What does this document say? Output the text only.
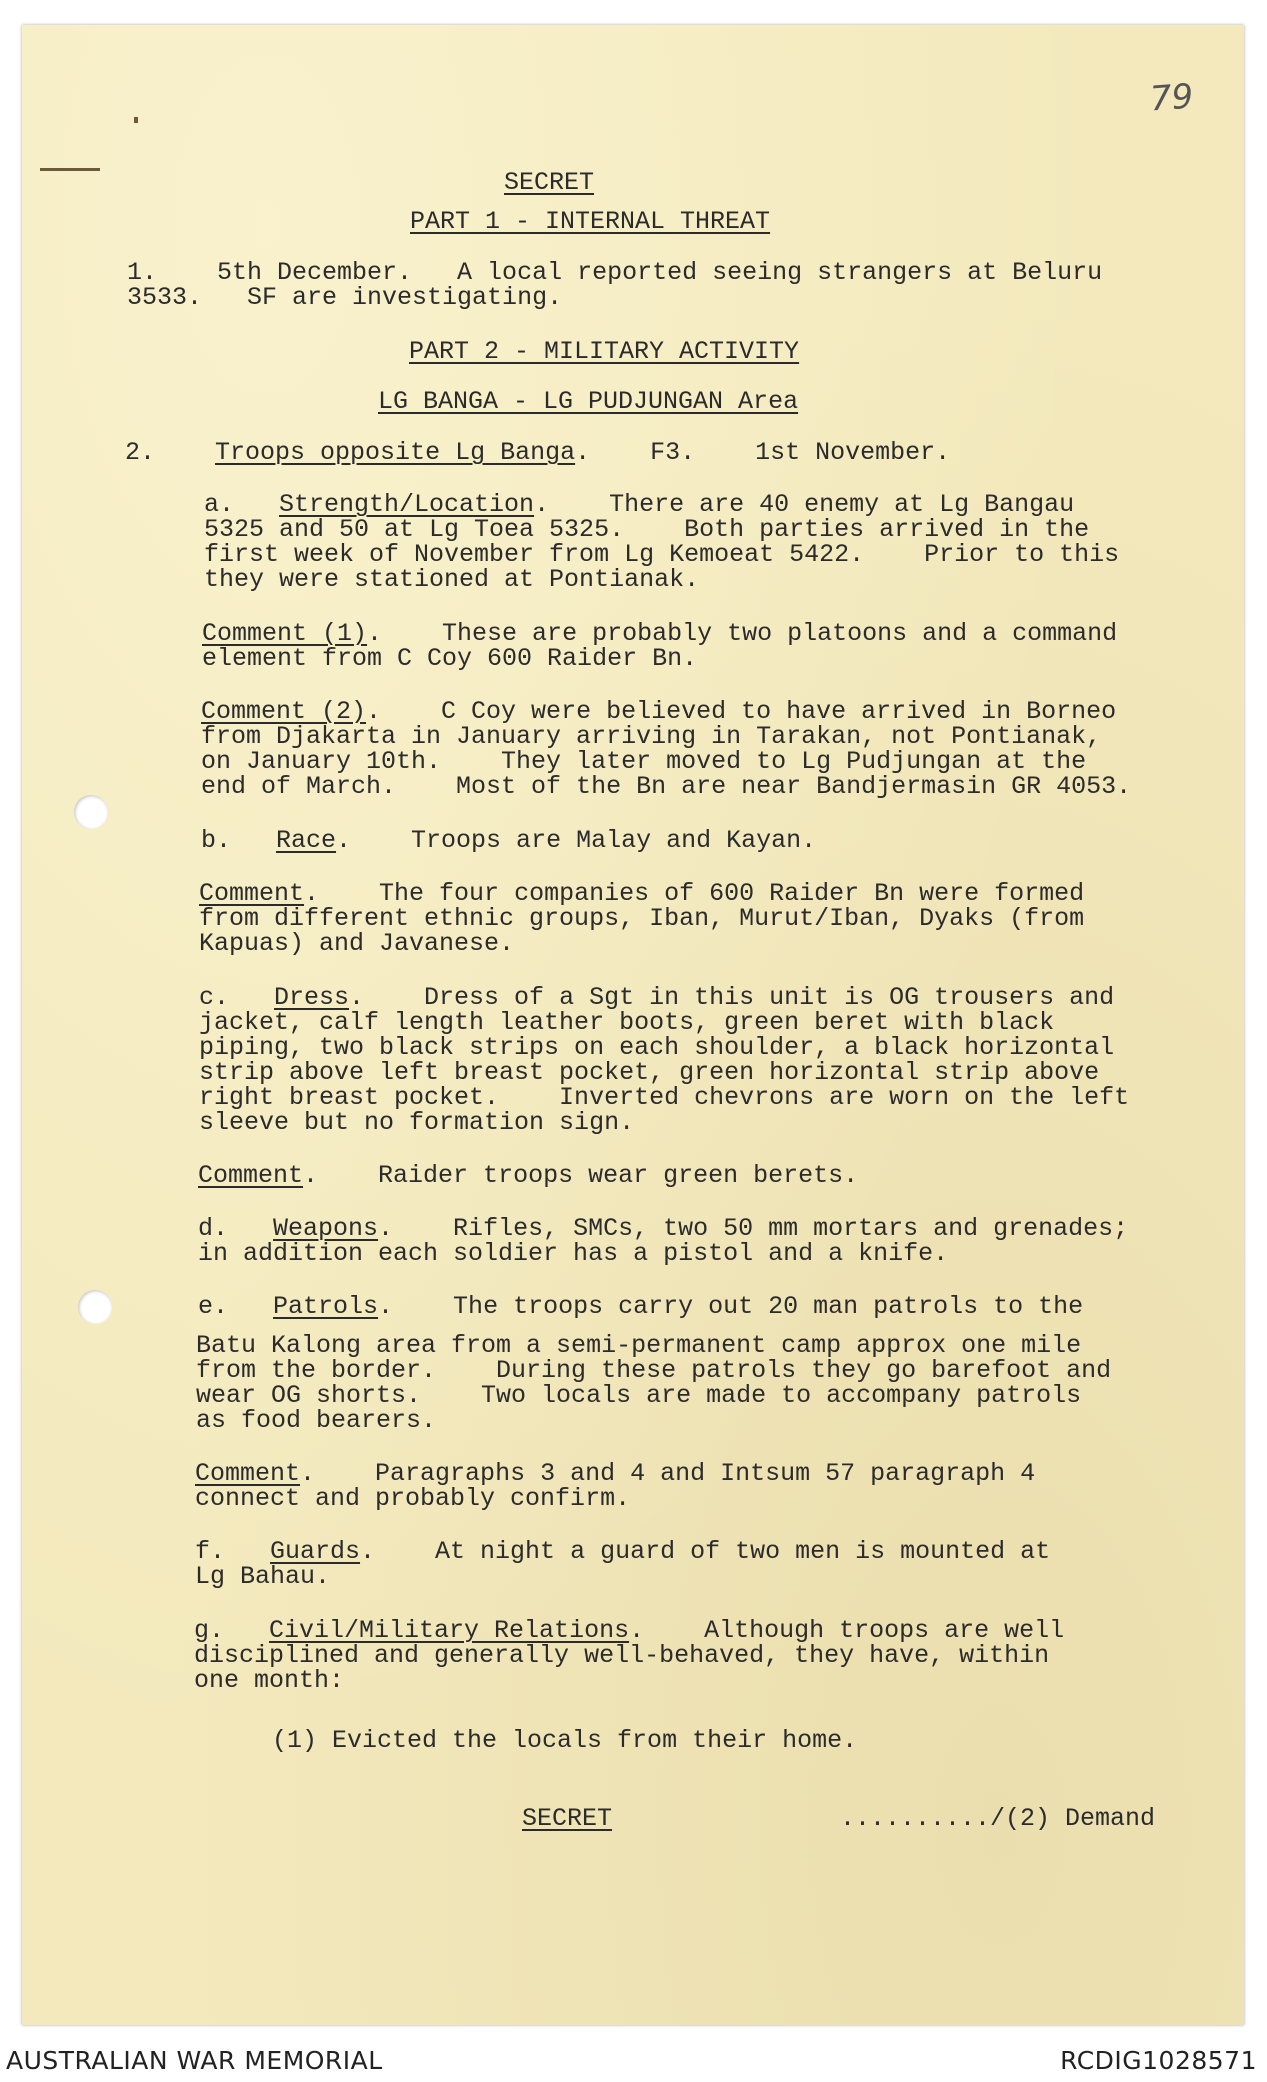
79

SECRET

PART 1 - INTERNAL THREAT

1.    5th December.   A local reported seeing strangers at Beluru

3533.   SF are investigating.

PART 2 - MILITARY ACTIVITY

LG BANGA - LG PUDJUNGAN Area

2. Troops opposite Lg Banga.    F3.    1st November.

a.   Strength/Location.    There are 40 enemy at Lg Bangau

5325 and 50 at Lg Toea 5325.    Both parties arrived in the

first week of November from Lg Kemoeat 5422.    Prior to this

they were stationed at Pontianak.

Comment (1).    These are probably two platoons and a command

element from C Coy 600 Raider Bn.

Comment (2).    C Coy were believed to have arrived in Borneo

from Djakarta in January arriving in Tarakan, not Pontianak,

on January 10th.    They later moved to Lg Pudjungan at the

end of March.    Most of the Bn are near Bandjermasin GR 4053.

b.   Race.    Troops are Malay and Kayan.

Comment.    The four companies of 600 Raider Bn were formed

from different ethnic groups, Iban, Murut/Iban, Dyaks (from

Kapuas) and Javanese.

c.   Dress.    Dress of a Sgt in this unit is OG trousers and

jacket, calf length leather boots, green beret with black

piping, two black strips on each shoulder, a black horizontal

strip above left breast pocket, green horizontal strip above

right breast pocket.    Inverted chevrons are worn on the left

sleeve but no formation sign.

Comment.    Raider troops wear green berets.

d.   Weapons.    Rifles, SMCs, two 50 mm mortars and grenades;

in addition each soldier has a pistol and a knife.

e.   Patrols.    The troops carry out 20 man patrols to the

Batu Kalong area from a semi-permanent camp approx one mile

from the border.    During these patrols they go barefoot and

wear OG shorts.    Two locals are made to accompany patrols

as food bearers.

Comment.    Paragraphs 3 and 4 and Intsum 57 paragraph 4

connect and probably confirm.

f.   Guards.    At night a guard of two men is mounted at

Lg Bahau.

g.   Civil/Military Relations.    Although troops are well

disciplined and generally well-behaved, they have, within

one month:

(1) Evicted the locals from their home.

SECRET	........../(2) Demand

AUSTRALIAN WAR MEMORIAL	RCDIG1028571
